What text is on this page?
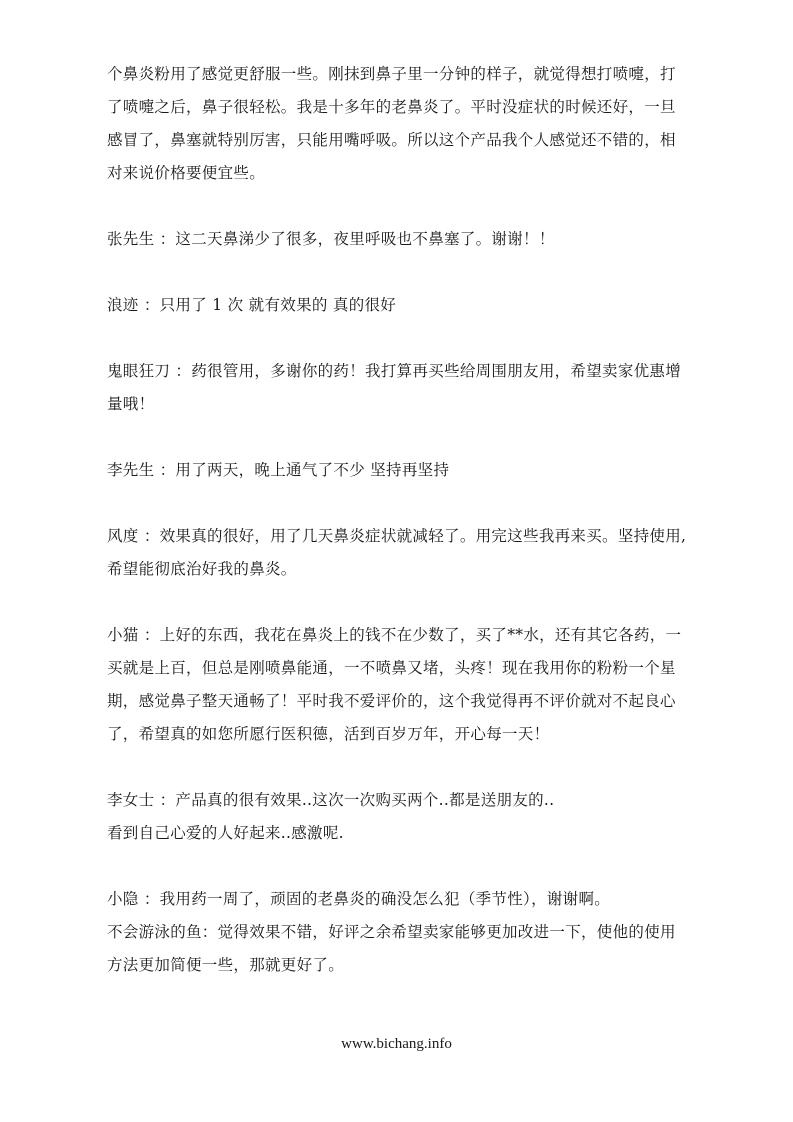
个鼻炎粉用了感觉更舒服一些。刚抹到鼻子里一分钟的样子，就觉得想打喷嚏，打
了喷嚏之后，鼻子很轻松。我是十多年的老鼻炎了。平时没症状的时候还好，一旦
感冒了，鼻塞就特别厉害，只能用嘴呼吸。所以这个产品我个人感觉还不错的，相
对来说价格要便宜些。
张先生 ：这二天鼻涕少了很多，夜里呼吸也不鼻塞了。谢谢！！
浪迹 ：只用了 1 次 就有效果的 真的很好
鬼眼狂刀 ：药很管用，多谢你的药！我打算再买些给周围朋友用，希望卖家优惠增
量哦！
李先生 ：用了两天，晚上通气了不少 坚持再坚持
风度 ：效果真的很好，用了几天鼻炎症状就减轻了。用完这些我再来买。坚持使用,
希望能彻底治好我的鼻炎。
小猫 ：上好的东西，我花在鼻炎上的钱不在少数了，买了**水，还有其它各药，一
买就是上百，但总是刚喷鼻能通，一不喷鼻又堵，头疼！现在我用你的粉粉一个星
期，感觉鼻子整天通畅了！平时我不爱评价的，这个我觉得再不评价就对不起良心
了，希望真的如您所愿行医积德，活到百岁万年，开心每一天！
李女士 ：产品真的很有效果..这次一次购买两个..都是送朋友的..
看到自己心爱的人好起来..感激呢.
小隐 ：我用药一周了，顽固的老鼻炎的确没怎么犯（季节性），谢谢啊。
不会游泳的鱼：觉得效果不错，好评之余希望卖家能够更加改进一下，使他的使用
方法更加简便一些，那就更好了。
www.bichang.info
